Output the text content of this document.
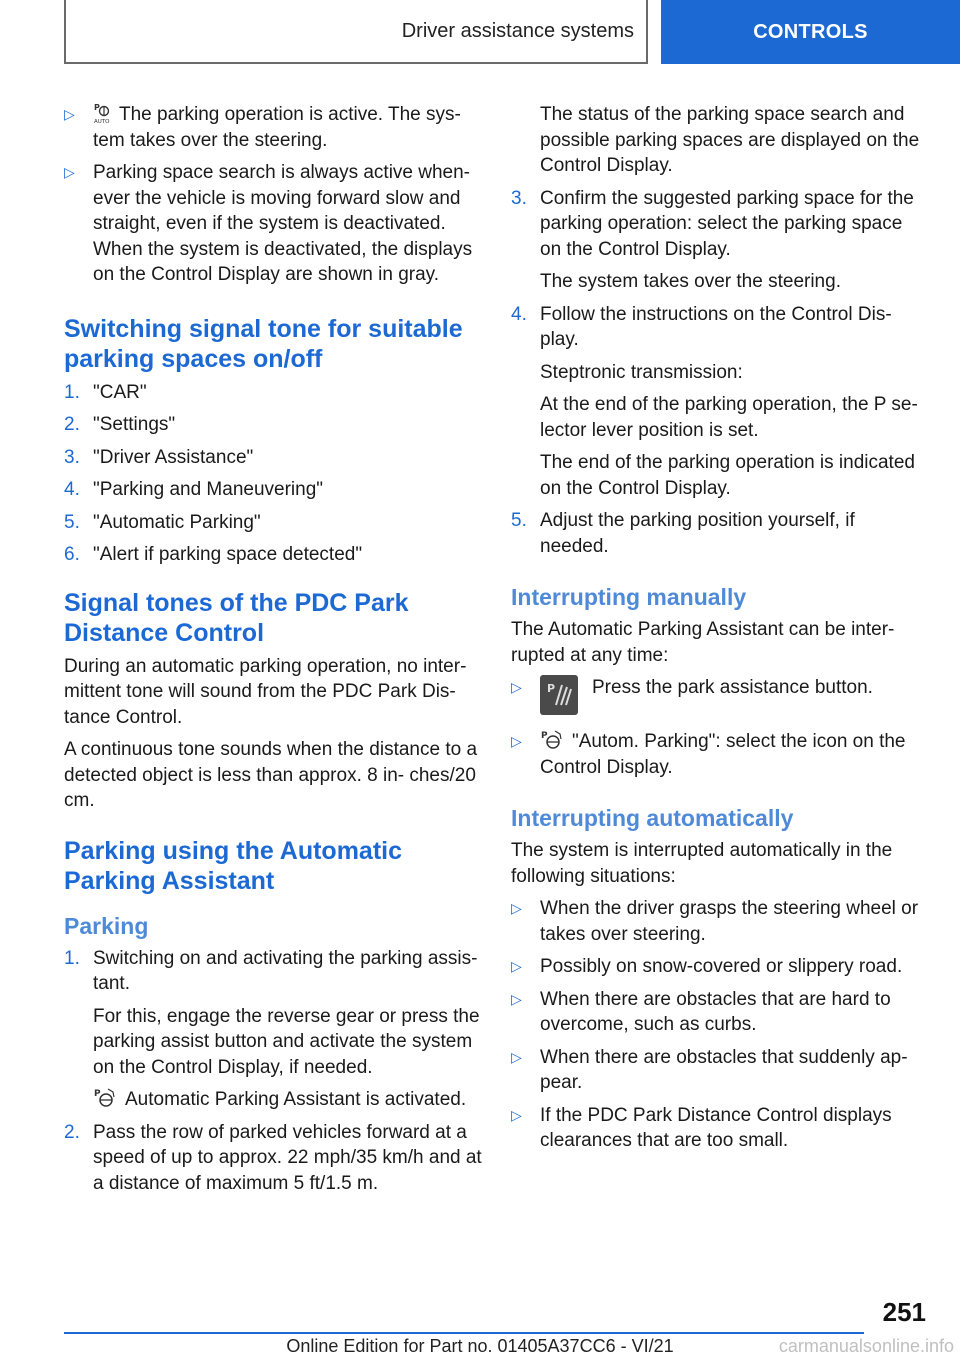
Driver assistance systems	CONTROLS
▷	P
AUTO The parking operation is active. The sys- tem takes over the steering.
▷ Parking space search is always active when- ever the vehicle is moving forward slow and straight, even if the system is deactivated. When the system is deactivated, the displays on the Control Display are shown in gray.
Switching signal tone for suitable parking spaces on/off
1. "CAR"
2. "Settings"
3. "Driver Assistance"
4. "Parking and Maneuvering"
5. "Automatic Parking"
6. "Alert if parking space detected"
Signal tones of the PDC Park Distance Control
During an automatic parking operation, no inter- mittent tone will sound from the PDC Park Dis- tance Control.
A continuous tone sounds when the distance to a detected object is less than approx. 8 in- ches/20 cm.
Parking using the Automatic Parking Assistant
Parking
1. Switching on and activating the parking assis- tant.
For this, engage the reverse gear or press the parking assist button and activate the system on the Control Display, if needed.
P Automatic Parking Assistant is activated.
2. Pass the row of parked vehicles forward at a speed of up to approx. 22 mph/35 km/h and at a distance of maximum 5 ft/1.5 m.
The status of the parking space search and possible parking spaces are displayed on the Control Display.
3. Confirm the suggested parking space for the parking operation: select the parking space on the Control Display.
The system takes over the steering.
4. Follow the instructions on the Control Dis- play.
Steptronic transmission:
At the end of the parking operation, the P se- lector lever position is set.
The end of the parking operation is indicated on the Control Display.
5. Adjust the parking position yourself, if needed.
Interrupting manually
The Automatic Parking Assistant can be inter- rupted at any time:
▷	P Press the park assistance button.
▷	P "Autom. Parking": select the icon on the Control Display.
Interrupting automatically
The system is interrupted automatically in the following situations:
▷ When the driver grasps the steering wheel or takes over steering.
▷ Possibly on snow-covered or slippery road.
▷ When there are obstacles that are hard to overcome, such as curbs.
▷ When there are obstacles that suddenly ap- pear.
▷ If the PDC Park Distance Control displays clearances that are too small.
251
Online Edition for Part no. 01405A37CC6 - VI/21	carmanualsonline.info
